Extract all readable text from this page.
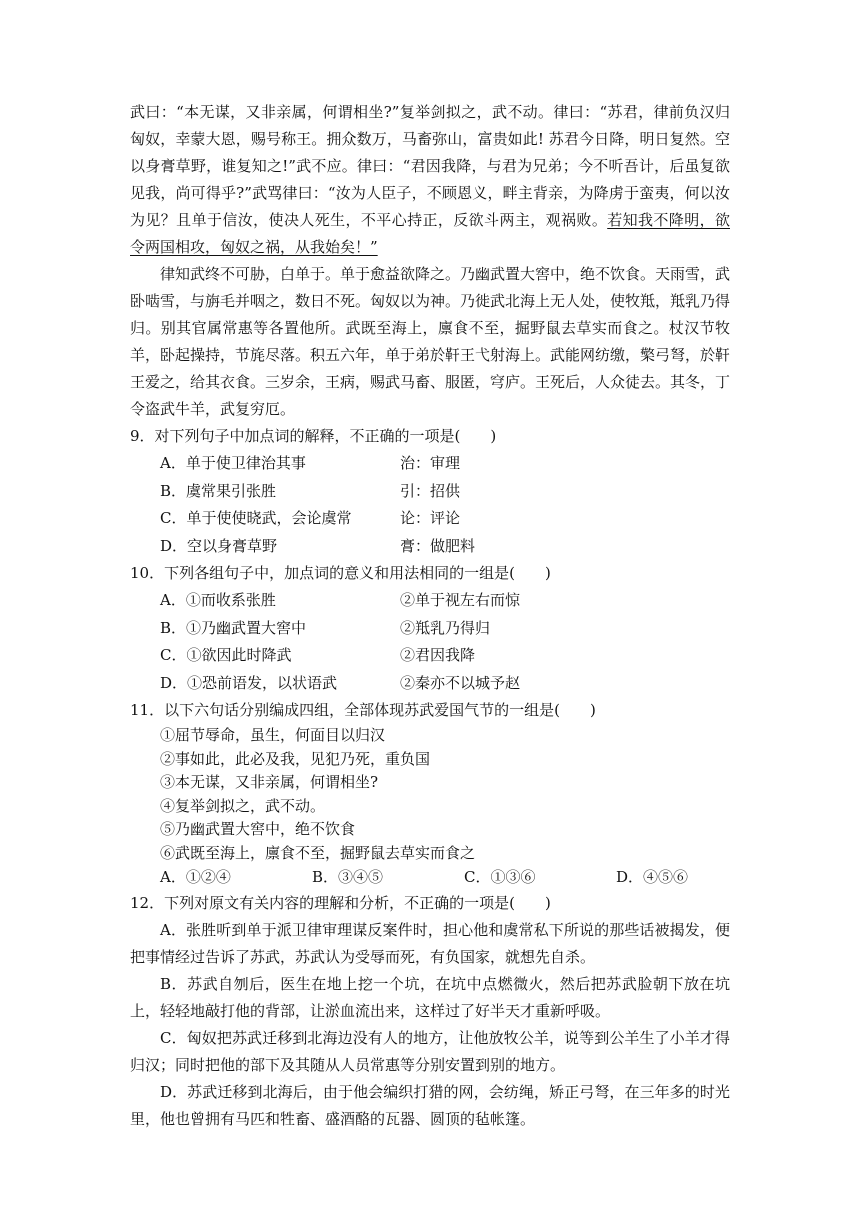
武曰：“本无谋，又非亲属，何谓相坐?”复举剑拟之，武不动。律曰：“苏君，律前负汉归匈奴，幸蒙大恩，赐号称王。拥众数万，马畜弥山，富贵如此! 苏君今日降，明日复然。空以身膏草野，谁复知之!”武不应。律曰：“君因我降，与君为兄弟；今不听吾计，后虽复欲见我，尚可得乎?”武骂律曰：“汝为人臣子，不顾恩义，畔主背亲，为降虏于蛮夷，何以汝为见？且单于信汝，使决人死生，不平心持正，反欲斗两主，观祸败。若知我不降明，欲令两国相攻，匈奴之祸，从我始矣！”

律知武终不可胁，白单于。单于愈益欲降之。乃幽武置大窖中，绝不饮食。天雨雪，武卧啮雪，与旃毛并咽之，数日不死。匈奴以为神。乃徙武北海上无人处，使牧羝，羝乳乃得归。别其官属常惠等各置他所。武既至海上，廪食不至，掘野鼠去草实而食之。杖汉节牧羊，卧起操持，节旄尽落。积五六年，单于弟於靬王弋射海上。武能网纺缴，檠弓弩，於靬王爱之，给其衣食。三岁余，王病，赐武马畜、服匿，穹庐。王死后，人众徒去。其冬，丁令盗武牛羊，武复穷厄。

9．对下列句子中加点词的解释，不正确的一项是(　　)

A．单于使卫律治其事	治：审理
B．虞常果引张胜	引：招供
C．单于使使晓武，会论虞常	论：评论
D．空以身膏草野	膏：做肥料

10．下列各组句子中，加点词的意义和用法相同的一组是(　　)

A．①而收系张胜	②单于视左右而惊
B．①乃幽武置大窖中	②羝乳乃得归
C．①欲因此时降武	②君因我降
D．①恐前语发，以状语武	②秦亦不以城予赵

11．以下六句话分别编成四组，全部体现苏武爱国气节的一组是(　　)

①屈节辱命，虽生，何面目以归汉
②事如此，此必及我，见犯乃死，重负国
③本无谋，又非亲属，何谓相坐?
④复举剑拟之，武不动。
⑤乃幽武置大窖中，绝不饮食
⑥武既至海上，廪食不至，掘野鼠去草实而食之
A．①②④	B．③④⑤	C．①③⑥	D．④⑤⑥

12．下列对原文有关内容的理解和分析，不正确的一项是(　　)

A．张胜听到单于派卫律审理谋反案件时，担心他和虞常私下所说的那些话被揭发，便把事情经过告诉了苏武，苏武认为受辱而死，有负国家，就想先自杀。

B．苏武自刎后，医生在地上挖一个坑，在坑中点燃微火，然后把苏武脸朝下放在坑上，轻轻地敲打他的背部，让淤血流出来，这样过了好半天才重新呼吸。

C．匈奴把苏武迁移到北海边没有人的地方，让他放牧公羊，说等到公羊生了小羊才得归汉；同时把他的部下及其随从人员常惠等分别安置到别的地方。

D．苏武迁移到北海后，由于他会编织打猎的网，会纺绳，矫正弓弩，在三年多的时光里，他也曾拥有马匹和牲畜、盛酒酪的瓦器、圆顶的毡帐篷。
